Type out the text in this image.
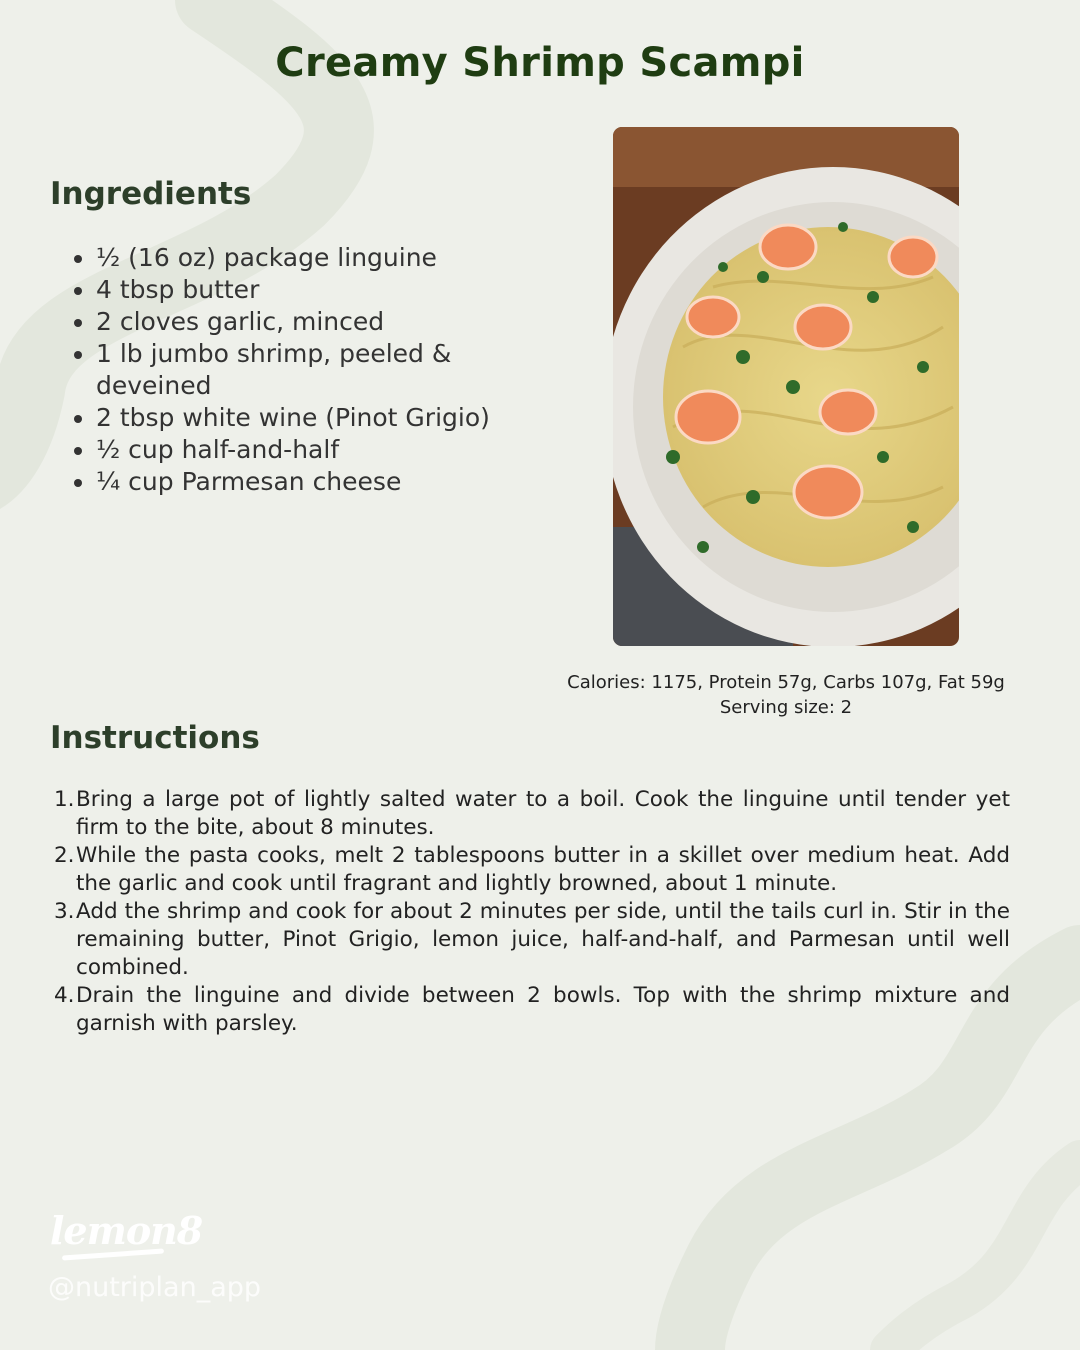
Creamy Shrimp Scampi
Ingredients
• ½ (16 oz) package linguine
• 4 tbsp butter
• 2 cloves garlic, minced
• 1 lb jumbo shrimp, peeled & deveined
• 2 tbsp white wine (Pinot Grigio)
• ½ cup half-and-half
• ¼ cup Parmesan cheese
Calories: 1175, Protein 57g, Carbs 107g, Fat 59g
Serving size: 2
Instructions
1. Bring a large pot of lightly salted water to a boil. Cook the linguine until tender yet firm to the bite, about 8 minutes.
2. While the pasta cooks, melt 2 tablespoons butter in a skillet over medium heat. Add the garlic and cook until fragrant and lightly browned, about 1 minute.
3. Add the shrimp and cook for about 2 minutes per side, until the tails curl in. Stir in the remaining butter, Pinot Grigio, lemon juice, half-and-half, and Parmesan until well combined.
4. Drain the linguine and divide between 2 bowls. Top with the shrimp mixture and garnish with parsley.
lemon8
@nutriplan_app
